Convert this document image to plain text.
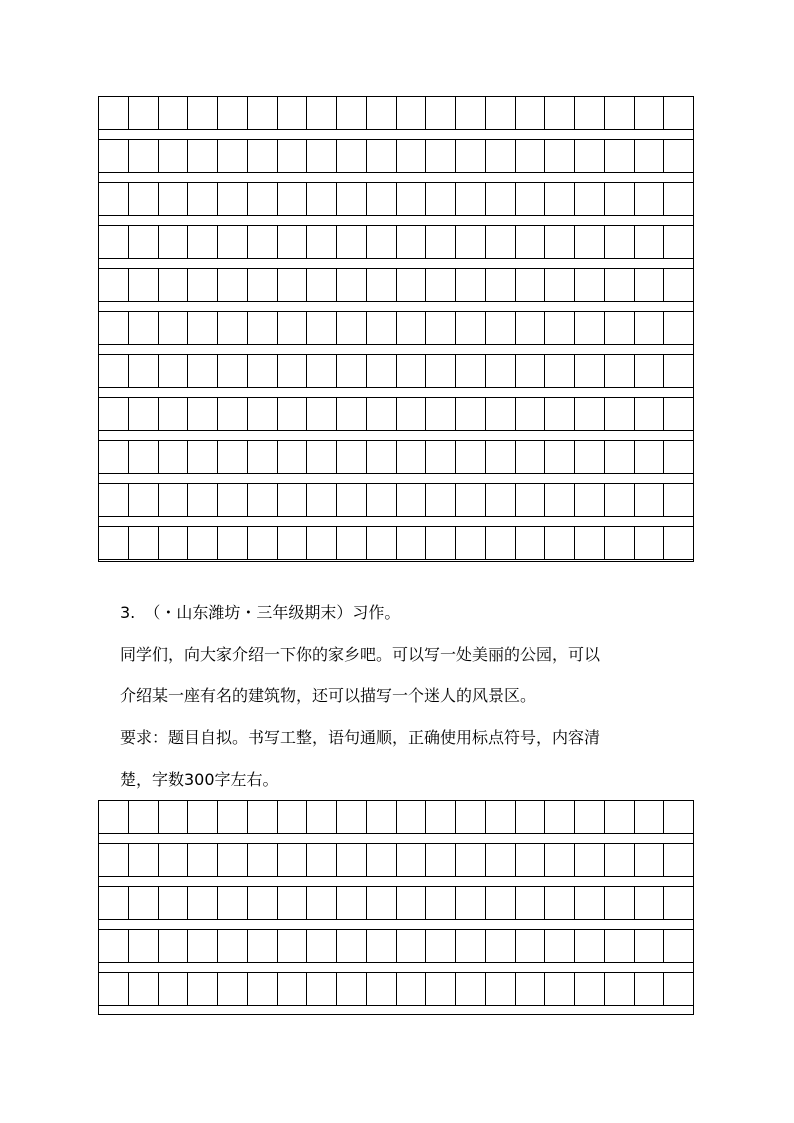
3. （・山东潍坊・三年级期末）习作。
同学们，向大家介绍一下你的家乡吧。可以写一处美丽的公园，可以
介绍某一座有名的建筑物，还可以描写一个迷人的风景区。
要求：题目自拟。书写工整，语句通顺，正确使用标点符号，内容清
楚，字数300字左右。
